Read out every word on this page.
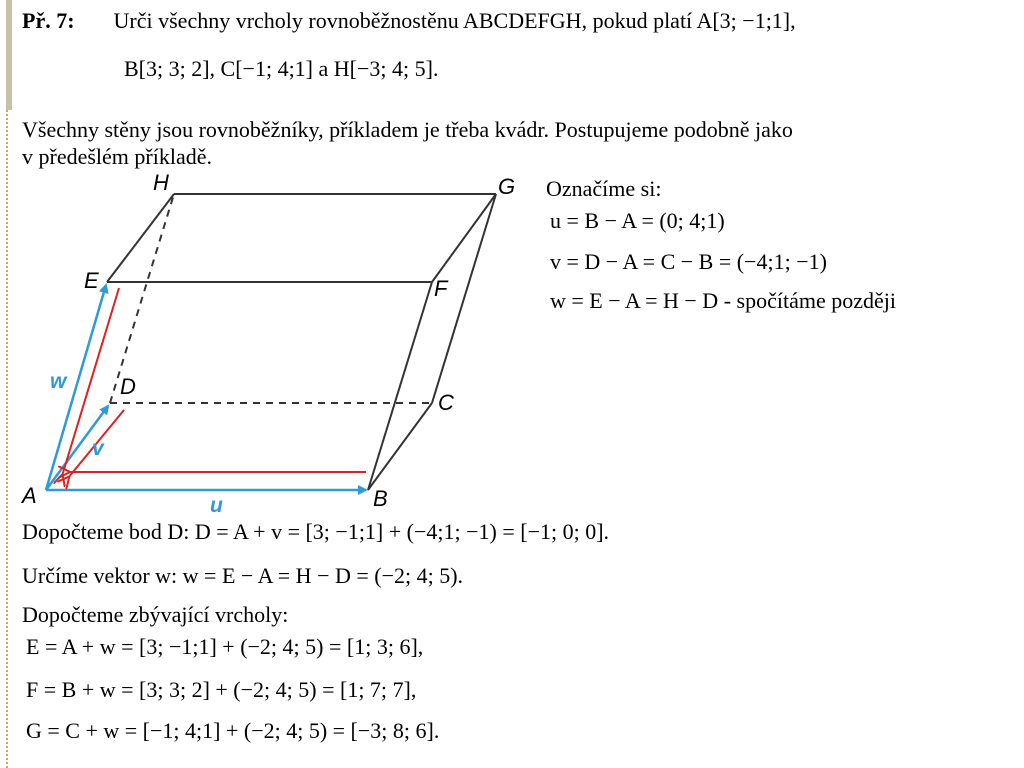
Př. 7: Urči všechny vrcholy rovnoběžnostěnu ABCDEFGH, pokud platí A[3; −1;1],
B[3; 3; 2], C[−1; 4;1] a H[−3; 4; 5].
Všechny stěny jsou rovnoběžníky, příkladem je třeba kvádr. Postupujeme podobně jako
v předešlém příkladě.
A	B
C
D
E	F
G
H
u
v
w
Označíme si:
u = B − A = (0; 4;1)
v = D − A = C − B = (−4;1; −1)
w = E − A = H − D - spočítáme později
Dopočteme bod D: D = A + v = [3; −1;1] + (−4;1; −1) = [−1; 0; 0].
Určíme vektor w: w = E − A = H − D = (−2; 4; 5).
Dopočteme zbývající vrcholy:
E = A + w = [3; −1;1] + (−2; 4; 5) = [1; 3; 6],
F = B + w = [3; 3; 2] + (−2; 4; 5) = [1; 7; 7],
G = C + w = [−1; 4;1] + (−2; 4; 5) = [−3; 8; 6].
